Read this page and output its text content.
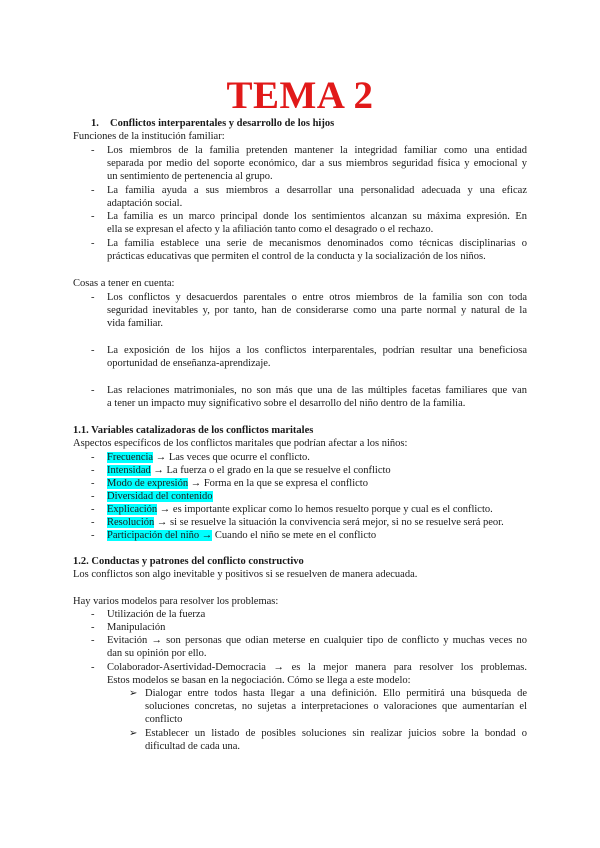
TEMA 2
1. Conflictos interparentales y desarrollo de los hijos
Funciones de la institución familiar:
- Los miembros de la familia pretenden mantener la integridad familiar como una entidad
separada por medio del soporte económico, dar a sus miembros seguridad física y emocional y
un sentimiento de pertenencia al grupo.
- La familia ayuda a sus miembros a desarrollar una personalidad adecuada y una eficaz
adaptación social.
- La familia es un marco principal donde los sentimientos alcanzan su máxima expresión. En
ella se expresan el afecto y la afiliación tanto como el desagrado o el rechazo.
- La familia establece una serie de mecanismos denominados como técnicas disciplinarias o
prácticas educativas que permiten el control de la conducta y la socialización de los niños.
Cosas a tener en cuenta:
- Los conflictos y desacuerdos parentales o entre otros miembros de la familia son con toda
seguridad inevitables y, por tanto, han de considerarse como una parte normal y natural de la
vida familiar.
- La exposición de los hijos a los conflictos interparentales, podrían resultar una beneficiosa
oportunidad de enseñanza-aprendizaje.
- Las relaciones matrimoniales, no son más que una de las múltiples facetas familiares que van
a tener un impacto muy significativo sobre el desarrollo del niño dentro de la familia.
1.1. Variables catalizadoras de los conflictos maritales
Aspectos específicos de los conflictos maritales que podrían afectar a los niños:
- Frecuencia → Las veces que ocurre el conflicto.
- Intensidad → La fuerza o el grado en la que se resuelve el conflicto
- Modo de expresión → Forma en la que se expresa el conflicto
- Diversidad del contenido
- Explicación → es importante explicar como lo hemos resuelto porque y cual es el conflicto.
- Resolución → si se resuelve la situación la convivencia será mejor, si no se resuelve será peor.
- Participación del niño → Cuando el niño se mete en el conflicto
1.2. Conductas y patrones del conflicto constructivo
Los conflictos son algo inevitable y positivos si se resuelven de manera adecuada.
Hay varios modelos para resolver los problemas:
- Utilización de la fuerza
- Manipulación
- Evitación → son personas que odian meterse en cualquier tipo de conflicto y muchas veces no
dan su opinión por ello.
- Colaborador-Asertividad-Democracia → es la mejor manera para resolver los problemas.
Estos modelos se basan en la negociación. Cómo se llega a este modelo:
➢ Dialogar entre todos hasta llegar a una definición. Ello permitirá una búsqueda de
soluciones concretas, no sujetas a interpretaciones o valoraciones que aumentarían el
conflicto
➢ Establecer un listado de posibles soluciones sin realizar juicios sobre la bondad o
dificultad de cada una.
